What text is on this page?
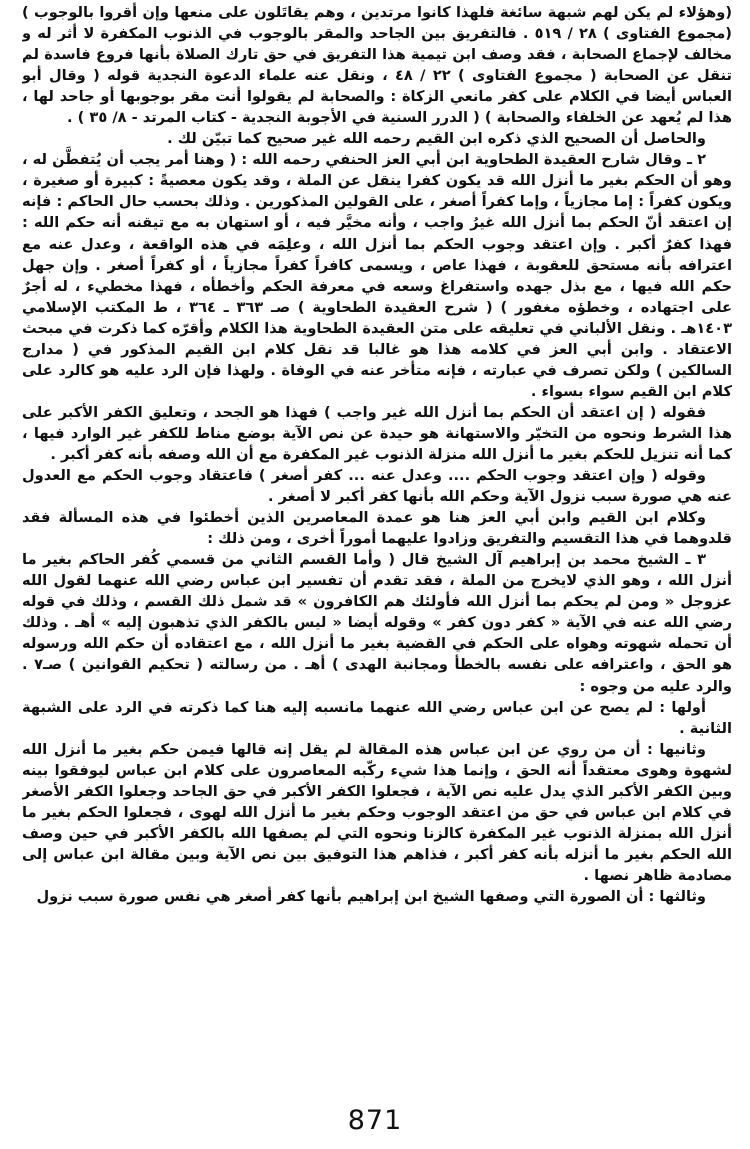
(وهؤلاء لم يكن لهم شبهة سائغة فلهذا كانوا مرتدين ، وهم يقاتَلون على منعها وإن أقروا بالوجوب ) (مجموع الفتاوى ) ٢٨ / ٥١٩ . فالتفريق بين الجاحد والمقر بالوجوب في الذنوب المكفرة لا أثر له و مخالف لإجماع الصحابة ، فقد وصف ابن تيمية هذا التفريق في حق تارك الصلاة بأنها فروع فاسدة لم تنقل عن الصحابة ( مجموع الفتاوى ) ٢٢ / ٤٨ ، ونقل عنه علماء الدعوة النجدية قوله ( وقال أبو العباس أيضا في الكلام على كفر مانعي الزكاة : والصحابة لم يقولوا أنت مقر بوجوبها أو جاحد لها ، هذا لم يُعهد عن الخلفاء والصحابة ) ( الدرر السنية في الأجوبة النجدية - كتاب المرتد - ٨/ ٣٥ ) .

والحاصل أن الصحيح الذي ذكره ابن القيم رحمه الله غير صحيح كما تبيّن لك .

٢ ـ وقال شارح العقيدة الطحاوية ابن أبي العز الحنفي رحمه الله : ( وهنا أمر يجب أن يُتفطَّن له ، وهو أن الحكم بغير ما أنزل الله قد يكون كفرا ينقل عن الملة ، وقد يكون معصيةً : كبيرة أو صغيرة ، ويكون كفراً : إما مجازياً ، وإما كفراً أصغر ، على القولين المذكورين . وذلك بحسب حال الحاكم : فإنه إن اعتقد أنّ الحكم بما أنزل الله غيرُ واجب ، وأنه مخيَّر فيه ، أو استهان به مع تيقنه أنه حكم الله : فهذا كفرٌ أكبر . وإن اعتقد وجوب الحكم بما أنزل الله ، وعلِمَه في هذه الواقعة ، وعدل عنه مع اعترافه بأنه مستحق للعقوبة ، فهذا عاص ، ويسمى كافراً كفراً مجازياً ، أو كفراً أصغر . وإن جهل حكم الله فيها ، مع بذل جهده واستفراغ وسعه في معرفة الحكم وأخطأه ، فهذا مخطيء ، له أجرٌ على اجتهاده ، وخطؤه مغفور ) ( شرح العقيدة الطحاوية ) صـ ٣٦٣ ـ ٣٦٤ ، ط المكتب الإسلامي ١٤٠٣هـ . ونقل الألباني في تعليقه على متن العقيدة الطحاوية هذا الكلام وأقرّه كما ذكرت في مبحث الاعتقاد . وابن أبي العز في كلامه هذا هو غالبا قد نقل كلام ابن القيم المذكور في ( مدارج السالكين ) ولكن تصرف في عبارته ، فإنه متأخر عنه في الوفاة . ولهذا فإن الرد عليه هو كالرد على كلام ابن القيم سواء بسواء .

فقوله ( إن اعتقد أن الحكم بما أنزل الله غير واجب ) فهذا هو الجحد ، وتعليق الكفر الأكبر على هذا الشرط ونحوه من التخيّر والاستهانة هو حيدة عن نص الآية بوضع مناط للكفر غير الوارد فيها ، كما أنه تنزيل للحكم بغير ما أنزل الله منزلة الذنوب غير المكفرة مع أن الله وصفه بأنه كفر أكبر .

وقوله ( وإن اعتقد وجوب الحكم .... وعدل عنه ... كفر أصغر ) فاعتقاد وجوب الحكم مع العدول عنه هي صورة سبب نزول الآية وحكم الله بأنها كفر أكبر لا أصغر .

وكلام ابن القيم وابن أبي العز هنا هو عمدة المعاصرين الذين أخطئوا في هذه المسألة فقد قلدوهما في هذا التقسيم والتفريق وزادوا عليهما أموراً أخرى ، ومن ذلك :

٣ ـ الشيخ محمد بن إبراهيم آل الشيخ قال ( وأما القسم الثاني من قسمي كُفر الحاكم بغير ما أنزل الله ، وهو الذي لايخرج من الملة ، فقد تقدم أن تفسير ابن عباس رضي الله عنهما لقول الله عزوجل « ومن لم يحكم بما أنزل الله فأولئك هم الكافرون » قد شمل ذلك القسم ، وذلك في قوله رضي الله عنه في الآية « كفر دون كفر » وقوله أيضا « ليس بالكفر الذي تذهبون إليه » أهـ . وذلك أن تحمله شهوته وهواه على الحكم في القضية بغير ما أنزل الله ، مع اعتقاده أن حكم الله ورسوله هو الحق ، واعترافه على نفسه بالخطأ ومجانبة الهدى ) أهـ . من رسالته ( تحكيم القوانين ) صـ٧ . والرد عليه من وجوه :

أولها : لم يصح عن ابن عباس رضي الله عنهما مانسبه إليه هنا كما ذكرته في الرد على الشبهة الثانية .

وثانيها : أن من روي عن ابن عباس هذه المقالة لم يقل إنه قالها فيمن حكم بغير ما أنزل الله لشهوة وهوى معتقداً أنه الحق ، وإنما هذا شيء ركّبه المعاصرون على كلام ابن عباس ليوفقوا بينه وبين الكفر الأكبر الذي يدل عليه نص الآية ، فجعلوا الكفر الأكبر في حق الجاحد وجعلوا الكفر الأصغر في كلام ابن عباس في حق من اعتقد الوجوب وحكم بغير ما أنزل الله لهوى ، فجعلوا الحكم بغير ما أنزل الله بمنزلة الذنوب غير المكفرة كالزنا ونحوه التي لم يصفها الله بالكفر الأكبر في حين وصف الله الحكم بغير ما أنزله بأنه كفر أكبر ، فذاهم هذا التوفيق بين نص الآية وبين مقالة ابن عباس إلى مصادمة ظاهر نصها .

وثالثها : أن الصورة التي وصفها الشيخ ابن إبراهيم بأنها كفر أصغر هي نفس صورة سبب نزول

871
